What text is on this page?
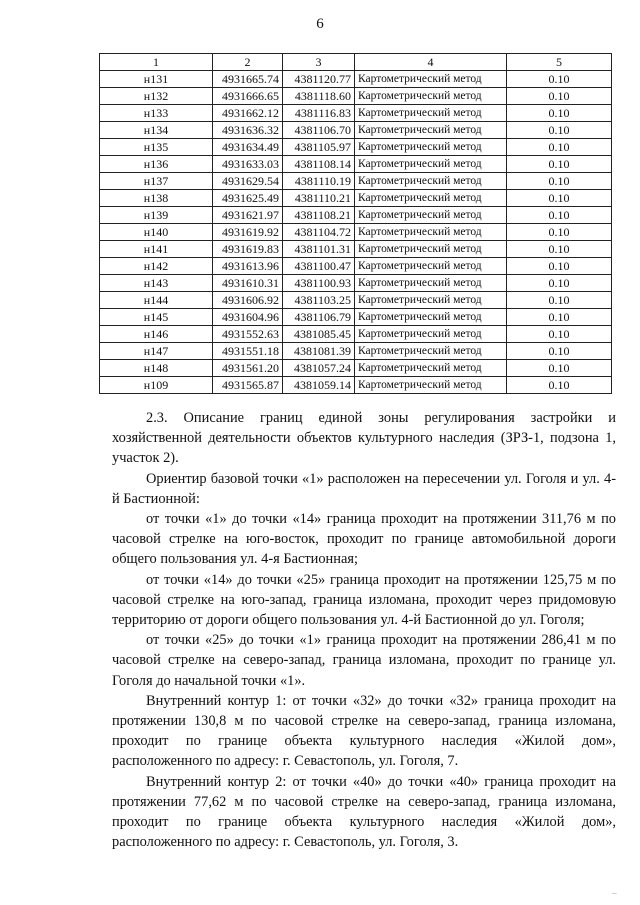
6
1	2	3	4	5
н131	4931665.74	4381120.77	Картометрический метод	0.10
н132	4931666.65	4381118.60	Картометрический метод	0.10
н133	4931662.12	4381116.83	Картометрический метод	0.10
н134	4931636.32	4381106.70	Картометрический метод	0.10
н135	4931634.49	4381105.97	Картометрический метод	0.10
н136	4931633.03	4381108.14	Картометрический метод	0.10
н137	4931629.54	4381110.19	Картометрический метод	0.10
н138	4931625.49	4381110.21	Картометрический метод	0.10
н139	4931621.97	4381108.21	Картометрический метод	0.10
н140	4931619.92	4381104.72	Картометрический метод	0.10
н141	4931619.83	4381101.31	Картометрический метод	0.10
н142	4931613.96	4381100.47	Картометрический метод	0.10
н143	4931610.31	4381100.93	Картометрический метод	0.10
н144	4931606.92	4381103.25	Картометрический метод	0.10
н145	4931604.96	4381106.79	Картометрический метод	0.10
н146	4931552.63	4381085.45	Картометрический метод	0.10
н147	4931551.18	4381081.39	Картометрический метод	0.10
н148	4931561.20	4381057.24	Картометрический метод	0.10
н109	4931565.87	4381059.14	Картометрический метод	0.10

2.3. Описание границ единой зоны регулирования застройки и хозяйственной деятельности объектов культурного наследия (ЗРЗ-1, подзона 1, участок 2).

Ориентир базовой точки «1» расположен на пересечении ул. Гоголя и ул. 4-й Бастионной:

от точки «1» до точки «14» граница проходит на протяжении 311,76 м по часовой стрелке на юго-восток, проходит по границе автомобильной дороги общего пользования ул. 4-я Бастионная;

от точки «14» до точки «25» граница проходит на протяжении 125,75 м по часовой стрелке на юго-запад, граница изломана, проходит через придомовую территорию от дороги общего пользования ул. 4-й Бастионной до ул. Гоголя;

от точки «25» до точки «1» граница проходит на протяжении 286,41 м по часовой стрелке на северо-запад, граница изломана, проходит по границе ул. Гоголя до начальной точки «1».

Внутренний контур 1: от точки «32» до точки «32» граница проходит на протяжении 130,8 м по часовой стрелке на северо-запад, граница изломана, проходит по границе объекта культурного наследия «Жилой дом», расположенного по адресу: г. Севастополь, ул. Гоголя, 7.

Внутренний контур 2: от точки «40» до точки «40» граница проходит на протяжении 77,62 м по часовой стрелке на северо-запад, граница изломана, проходит по границе объекта культурного наследия «Жилой дом», расположенного по адресу: г. Севастополь, ул. Гоголя, 3.

–
